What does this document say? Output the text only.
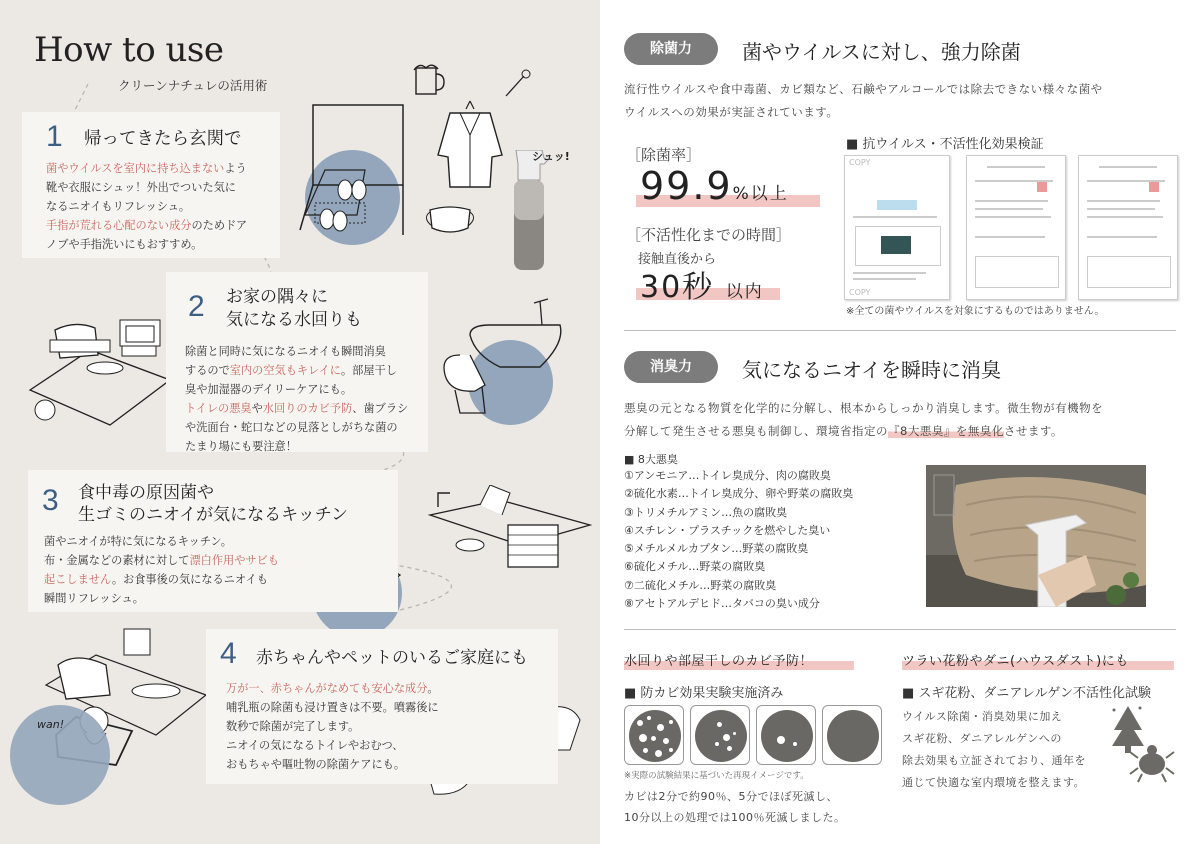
How to use
クリーンナチュレの活用術
シュッ!
1 帰ってきたら玄関で
菌やウイルスを室内に持ち込まないよう
靴や衣服にシュッ！外出でついた気に
なるニオイもリフレッシュ。
手指が荒れる心配のない成分のためドア
ノブや手指洗いにもおすすめ。
2 お家の隅々に
気になる水回りも
除菌と同時に気になるニオイも瞬間消臭
するので室内の空気もキレイに。部屋干し
臭や加湿器のデイリーケアにも。
トイレの悪臭や水回りのカビ予防、歯ブラシ
や洗面台・蛇口などの見落としがちな菌の
たまり場にも要注意！
3 食中毒の原因菌や
生ゴミのニオイが気になるキッチン
菌やニオイが特に気になるキッチン。
布・金属などの素材に対して漂白作用やサビも
起こしません。お食事後の気になるニオイも
瞬間リフレッシュ。
wan!
4 赤ちゃんやペットのいるご家庭にも
万が一、赤ちゃんがなめても安心な成分。
哺乳瓶の除菌も浸け置きは不要。噴霧後に
数秒で除菌が完了します。
ニオイの気になるトイレやおむつ、
おもちゃや嘔吐物の除菌ケアにも。
除菌力	菌やウイルスに対し、強力除菌
流行性ウイルスや食中毒菌、カビ類など、石鹸やアルコールでは除去できない様々な菌や
ウイルスへの効果が実証されています。
［除菌率］
99.9%以上
［不活性化までの時間］
接触直後から
30秒 以内
■ 抗ウイルス・不活性化効果検証
COPY
COPY
※全ての菌やウイルスを対象にするものではありません。
消臭力	気になるニオイを瞬時に消臭
悪臭の元となる物質を化学的に分解し、根本からしっかり消臭します。微生物が有機物を
分解して発生させる悪臭も制御し、環境省指定の『8大悪臭』を無臭化させます。
■ 8大悪臭
①アンモニア…トイレ臭成分、肉の腐敗臭
②硫化水素…トイレ臭成分、卵や野菜の腐敗臭
③トリメチルアミン…魚の腐敗臭
④スチレン・プラスチックを燃やした臭い
⑤メチルメルカプタン…野菜の腐敗臭
⑥硫化メチル…野菜の腐敗臭
⑦二硫化メチル…野菜の腐敗臭
⑧アセトアルデヒド…タバコの臭い成分
水回りや部屋干しのカビ予防！
■ 防カビ効果実験実施済み
※実際の試験結果に基づいた再現イメージです。
カビは2分で約90％、5分でほぼ死滅し、
10分以上の処理では100％死滅しました。
ツラい花粉やダニ(ハウスダスト)にも
■ スギ花粉、ダニアレルゲン不活性化試験
ウイルス除菌・消臭効果に加え
スギ花粉、ダニアレルゲンへの
除去効果も立証されており、通年を
通じて快適な室内環境を整えます。
